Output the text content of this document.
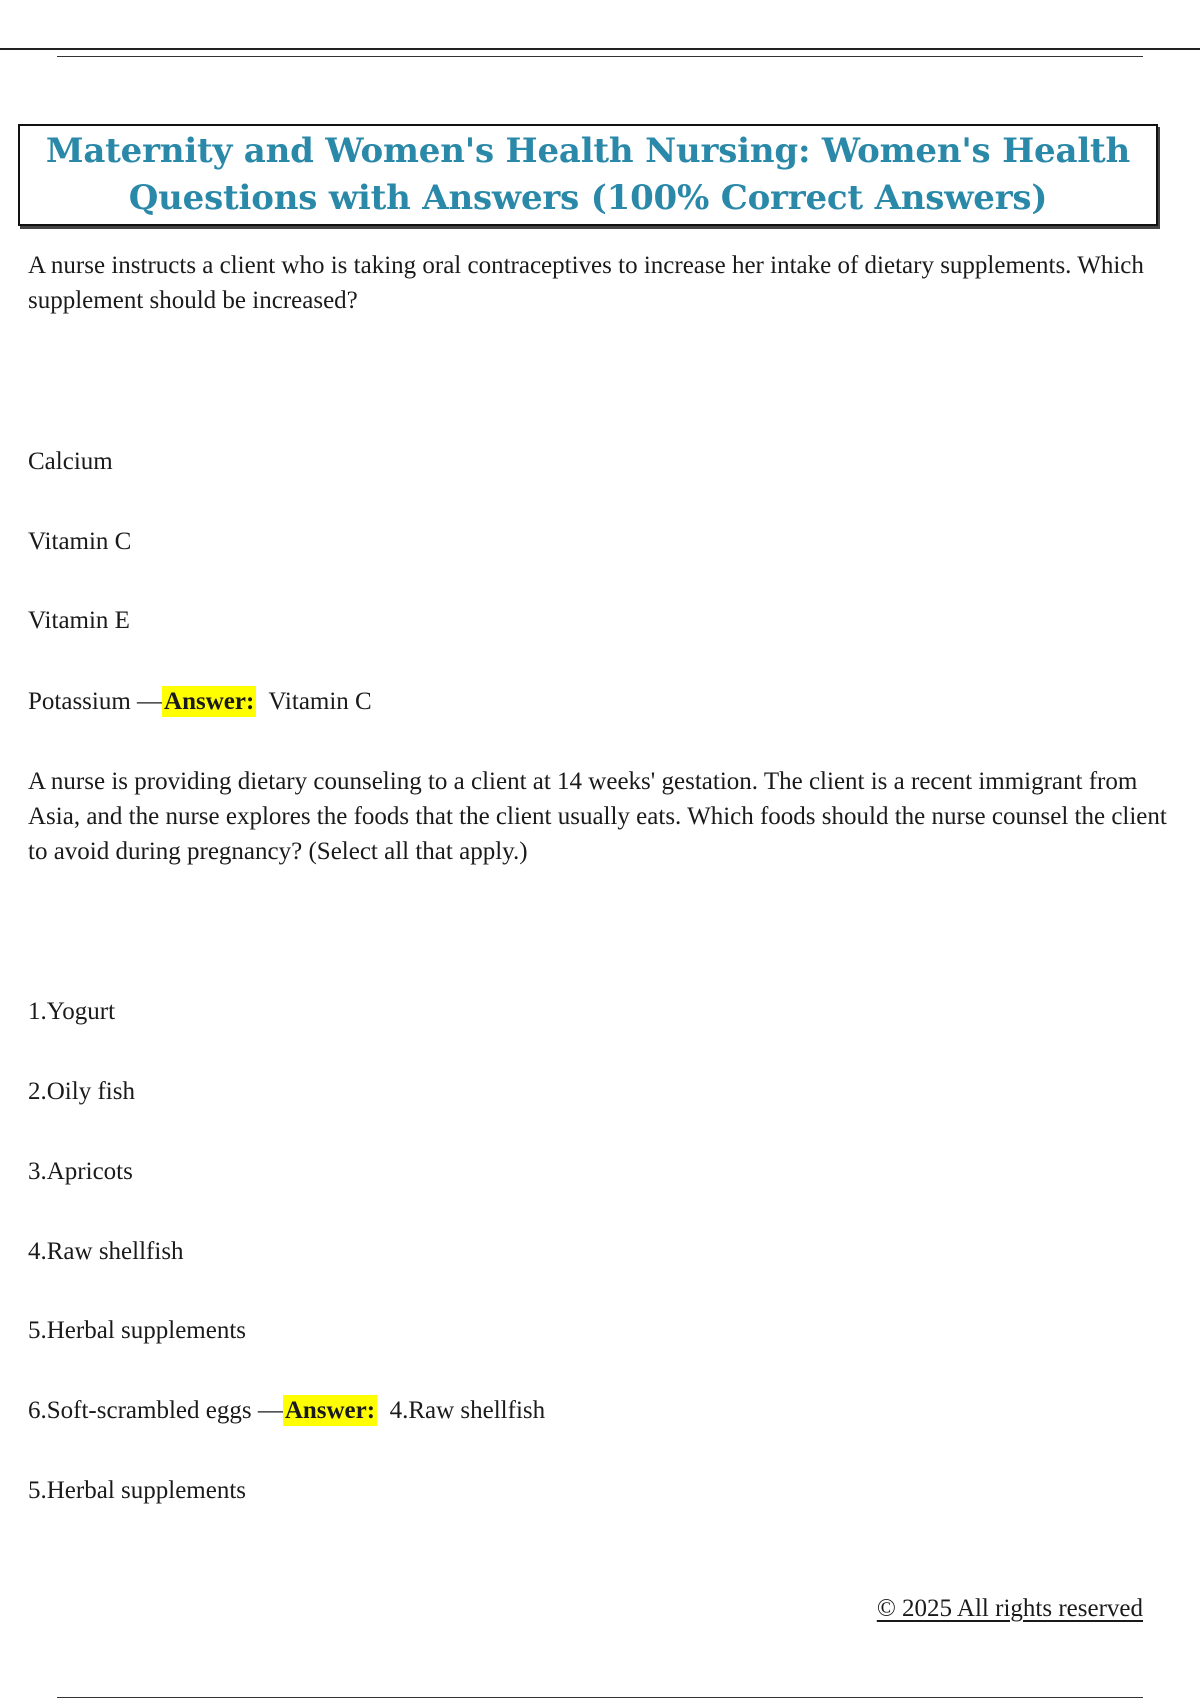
Maternity and Women's Health Nursing: Women's Health
Questions with Answers (100% Correct Answers)

A nurse instructs a client who is taking oral contraceptives to increase her intake of dietary supplements. Which supplement should be increased?

Calcium

Vitamin C

Vitamin E

Potassium —Answer: Vitamin C

A nurse is providing dietary counseling to a client at 14 weeks' gestation. The client is a recent immigrant from Asia, and the nurse explores the foods that the client usually eats. Which foods should the nurse counsel the client to avoid during pregnancy? (Select all that apply.)

1.Yogurt

2.Oily fish

3.Apricots

4.Raw shellfish

5.Herbal supplements

6.Soft-scrambled eggs —Answer: 4.Raw shellfish

5.Herbal supplements

© 2025 All rights reserved
